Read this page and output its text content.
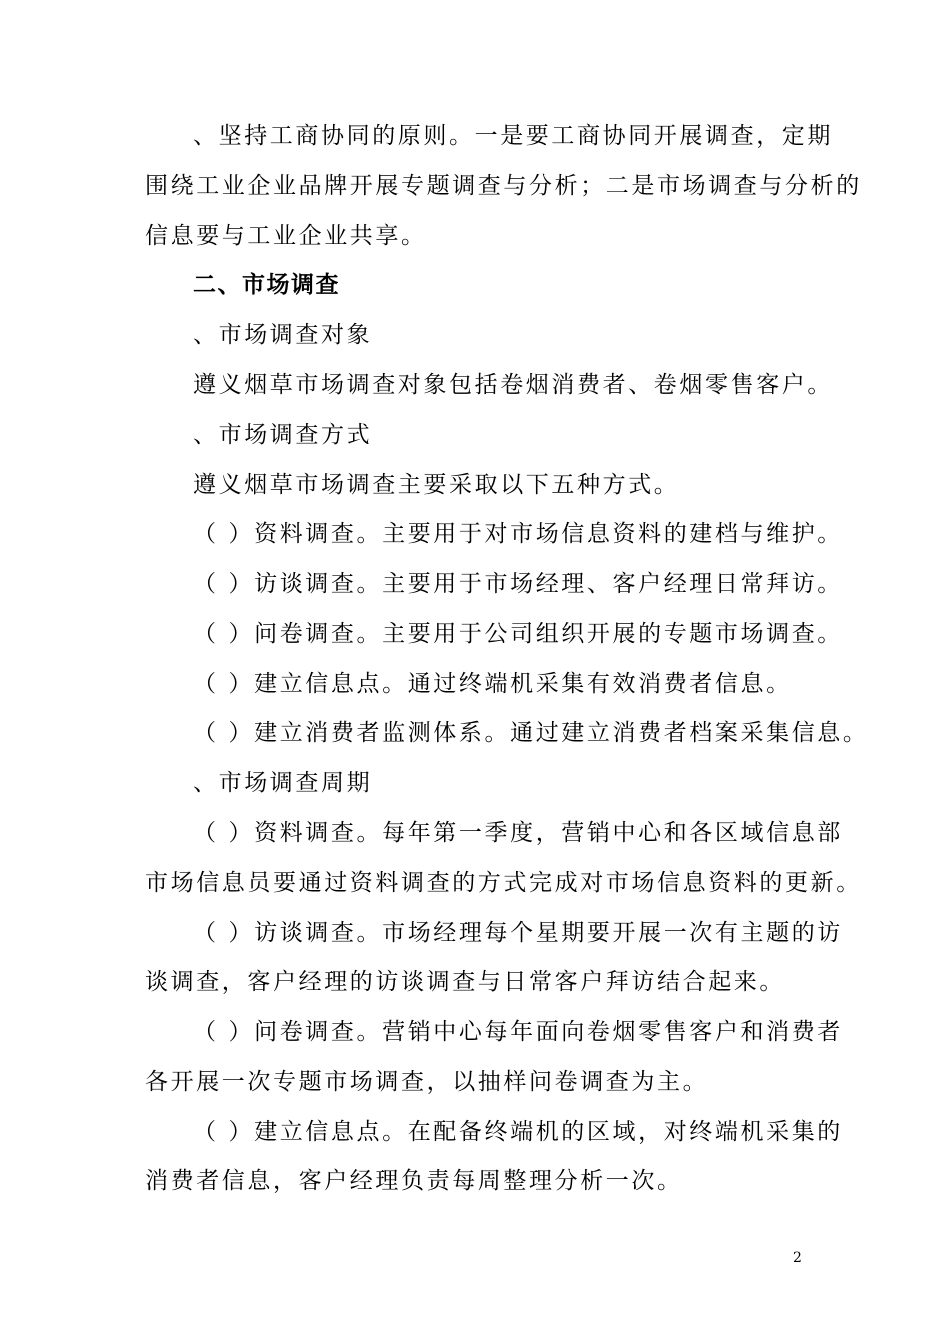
、坚持工商协同的原则。一是要工商协同开展调查，定期
围绕工业企业品牌开展专题调查与分析；二是市场调查与分析的
信息要与工业企业共享。
二、市场调查
、市场调查对象
遵义烟草市场调查对象包括卷烟消费者、卷烟零售客户。
、市场调查方式
遵义烟草市场调查主要采取以下五种方式。
（ ）资料调查。主要用于对市场信息资料的建档与维护。
（ ）访谈调查。主要用于市场经理、客户经理日常拜访。
（ ）问卷调查。主要用于公司组织开展的专题市场调查。
（ ）建立信息点。通过终端机采集有效消费者信息。
（ ）建立消费者监测体系。通过建立消费者档案采集信息。
、市场调查周期
（ ）资料调查。每年第一季度，营销中心和各区域信息部
市场信息员要通过资料调查的方式完成对市场信息资料的更新。
（ ）访谈调查。市场经理每个星期要开展一次有主题的访
谈调查，客户经理的访谈调查与日常客户拜访结合起来。
（ ）问卷调查。营销中心每年面向卷烟零售客户和消费者
各开展一次专题市场调查，以抽样问卷调查为主。
（ ）建立信息点。在配备终端机的区域，对终端机采集的
消费者信息，客户经理负责每周整理分析一次。
2
